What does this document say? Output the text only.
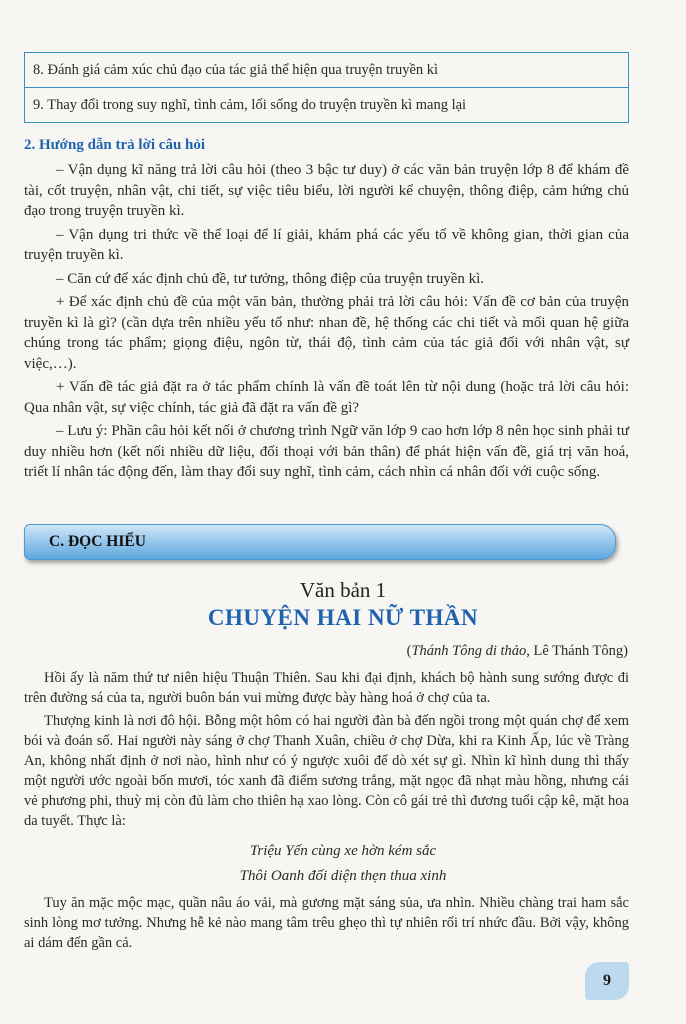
8. Đánh giá cảm xúc chủ đạo của tác giả thể hiện qua truyện truyền kì
9. Thay đổi trong suy nghĩ, tình cảm, lối sống do truyện truyền kì mang lại
2. Hướng dẫn trả lời câu hỏi

– Vận dụng kĩ năng trả lời câu hỏi (theo 3 bậc tư duy) ở các văn bản truyện lớp 8 để khám đề tài, cốt truyện, nhân vật, chi tiết, sự việc tiêu biểu, lời người kể chuyện, thông điệp, cảm hứng chủ đạo trong truyện truyền kì.

– Vận dụng tri thức về thể loại để lí giải, khám phá các yếu tố về không gian, thời gian của truyện truyền kì.

– Căn cứ để xác định chủ đề, tư tưởng, thông điệp của truyện truyền kì.

+ Để xác định chủ đề của một văn bản, thường phải trả lời câu hỏi: Vấn đề cơ bản của truyện truyền kì là gì? (cần dựa trên nhiều yếu tố như: nhan đề, hệ thống các chi tiết và mối quan hệ giữa chúng trong tác phẩm; giọng điệu, ngôn từ, thái độ, tình cảm của tác giả đối với nhân vật, sự việc,…).

+ Vấn đề tác giả đặt ra ở tác phẩm chính là vấn đề toát lên từ nội dung (hoặc trả lời câu hỏi: Qua nhân vật, sự việc chính, tác giả đã đặt ra vấn đề gì?

– Lưu ý: Phần câu hỏi kết nối ở chương trình Ngữ văn lớp 9 cao hơn lớp 8 nên học sinh phải tư duy nhiều hơn (kết nối nhiều dữ liệu, đối thoại với bản thân) để phát hiện vấn đề, giá trị văn hoá, triết lí nhân tác động đến, làm thay đổi suy nghĩ, tình cảm, cách nhìn cá nhân đối với cuộc sống.

C. ĐỌC HIỂU
Văn bản 1
CHUYỆN HAI NỮ THẦN
(Thánh Tông di thảo, Lê Thánh Tông)

Hồi ấy là năm thứ tư niên hiệu Thuận Thiên. Sau khi đại định, khách bộ hành sung sướng được đi trên đường sá của ta, người buôn bán vui mừng được bày hàng hoá ở chợ của ta.

Thượng kinh là nơi đô hội. Bỗng một hôm có hai người đàn bà đến ngồi trong một quán chợ để xem bói và đoán số. Hai người này sáng ở chợ Thanh Xuân, chiều ở chợ Dừa, khi ra Kinh Ấp, lúc về Tràng An, không nhất định ở nơi nào, hình như có ý ngược xuôi để dò xét sự gì. Nhìn kĩ hình dung thì thấy một người ước ngoài bốn mươi, tóc xanh đã điểm sương trắng, mặt ngọc đã nhạt màu hồng, nhưng cái vẻ phương phi, thuỳ mị còn đủ làm cho thiên hạ xao lòng. Còn cô gái trẻ thì đương tuổi cập kê, mặt hoa da tuyết. Thực là:

Triệu Yến cùng xe hờn kém sắc
Thôi Oanh đối diện thẹn thua xinh

Tuy ăn mặc mộc mạc, quần nâu áo vải, mà gương mặt sáng sủa, ưa nhìn. Nhiều chàng trai ham sắc sinh lòng mơ tưởng. Nhưng hễ kẻ nào mang tâm trêu ghẹo thì tự nhiên rối trí nhức đầu. Bởi vậy, không ai dám đến gần cả.

9
